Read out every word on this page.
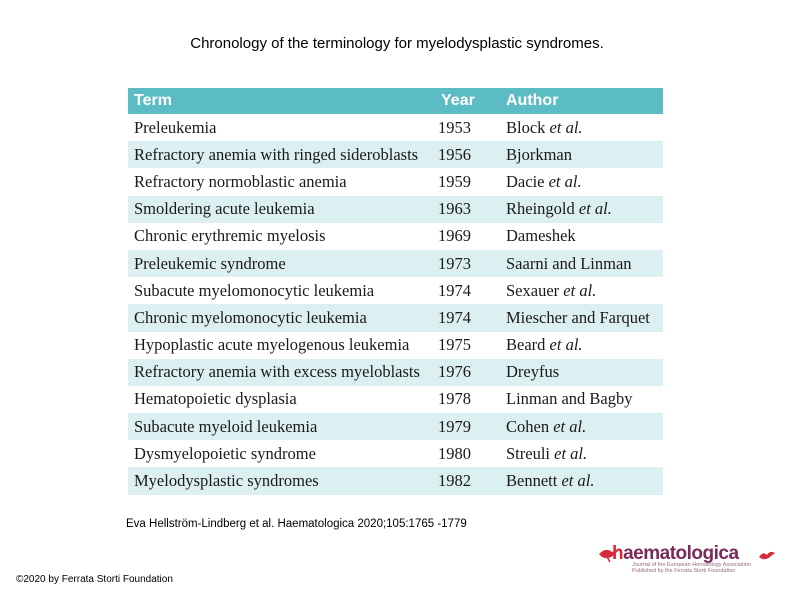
Chronology of the terminology for myelodysplastic syndromes.
Term	Year	Author
Preleukemia	1953	Block et al.
Refractory anemia with ringed sideroblasts	1956	Bjorkman
Refractory normoblastic anemia	1959	Dacie et al.
Smoldering acute leukemia	1963	Rheingold et al.
Chronic erythremic myelosis	1969	Dameshek
Preleukemic syndrome	1973	Saarni and Linman
Subacute myelomonocytic leukemia	1974	Sexauer et al.
Chronic myelomonocytic leukemia	1974	Miescher and Farquet
Hypoplastic acute myelogenous leukemia	1975	Beard et al.
Refractory anemia with excess myeloblasts	1976	Dreyfus
Hematopoietic dysplasia	1978	Linman and Bagby
Subacute myeloid leukemia	1979	Cohen et al.
Dysmyelopoietic syndrome	1980	Streuli et al.
Myelodysplastic syndromes	1982	Bennett et al.
Eva Hellström-Lindberg et al. Haematologica 2020;105:1765 -1779
haematologica
Journal of the European Hematology Association
Published by the Ferrata Storti Foundation
©2020 by Ferrata Storti Foundation
